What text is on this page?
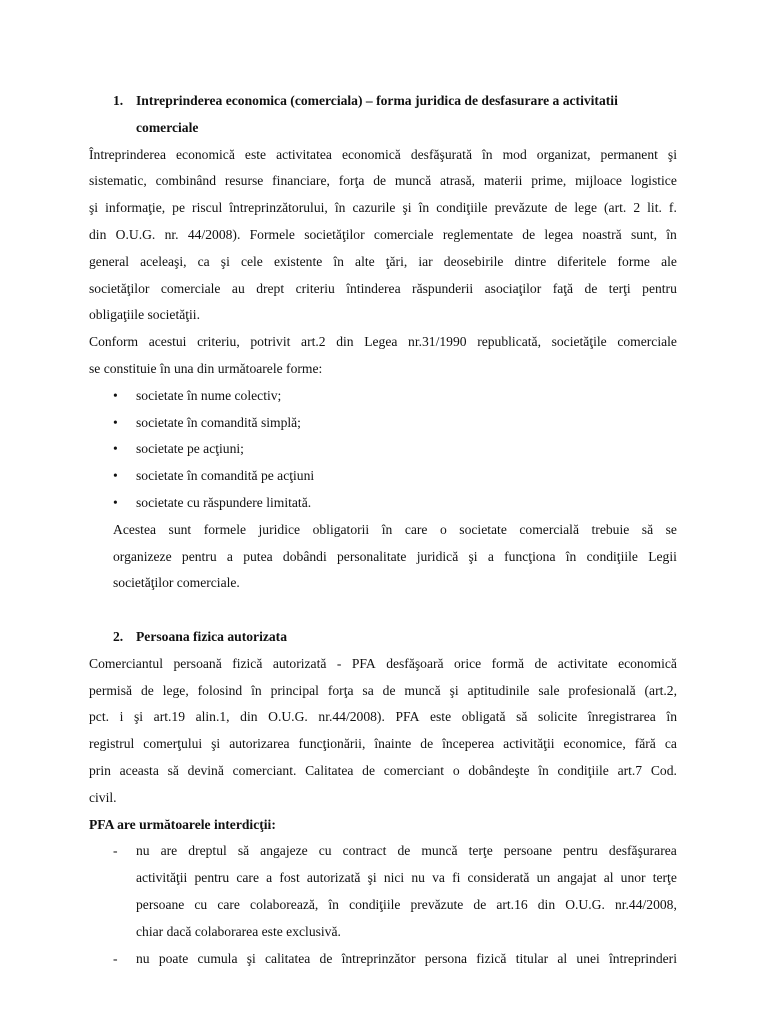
1. Intreprinderea economica (comerciala) – forma juridica de desfasurare a activitatii
comerciale
Întreprinderea economică este activitatea economică desfăşurată în mod organizat, permanent şi
sistematic, combinând resurse financiare, forţa de muncă atrasă, materii prime, mijloace logistice
şi informaţie, pe riscul întreprinzătorului, în cazurile şi în condiţiile prevăzute de lege (art. 2 lit. f.
din O.U.G. nr. 44/2008). Formele societăţilor comerciale reglementate de legea noastră sunt, în
general aceleaşi, ca şi cele existente în alte ţări, iar deosebirile dintre diferitele forme ale
societăţilor comerciale au drept criteriu întinderea răspunderii asociaţilor faţă de terţi pentru
obligaţiile societăţii.
Conform acestui criteriu, potrivit art.2 din Legea nr.31/1990 republicată, societăţile comerciale
se constituie în una din următoarele forme:
•	societate în nume colectiv;
•	societate în comandită simplă;
•	societate pe acţiuni;
•	societate în comandită pe acţiuni
•	societate cu răspundere limitată.
Acestea sunt formele juridice obligatorii în care o societate comercială trebuie să se
organizeze pentru a putea dobândi personalitate juridică şi a funcţiona în condiţiile Legii
societăţilor comerciale.
2. Persoana fizica autorizata
Comerciantul persoană fizică autorizată - PFA desfăşoară orice formă de activitate economică
permisă de lege, folosind în principal forţa sa de muncă şi aptitudinile sale profesională (art.2,
pct. i şi art.19 alin.1, din O.U.G. nr.44/2008). PFA este obligată să solicite înregistrarea în
registrul comerţului şi autorizarea funcţionării, înainte de începerea activităţii economice, fără ca
prin aceasta să devină comerciant. Calitatea de comerciant o dobândeşte în condiţiile art.7 Cod.
civil.
PFA are următoarele interdicţii:
-	nu are dreptul să angajeze cu contract de muncă terţe persoane pentru desfăşurarea
activităţii pentru care a fost autorizată şi nici nu va fi considerată un angajat al unor terţe
persoane cu care colaborează, în condiţiile prevăzute de art.16 din O.U.G. nr.44/2008,
chiar dacă colaborarea este exclusivă.
-	nu poate cumula şi calitatea de întreprinzător persona fizică titular al unei întreprinderi
